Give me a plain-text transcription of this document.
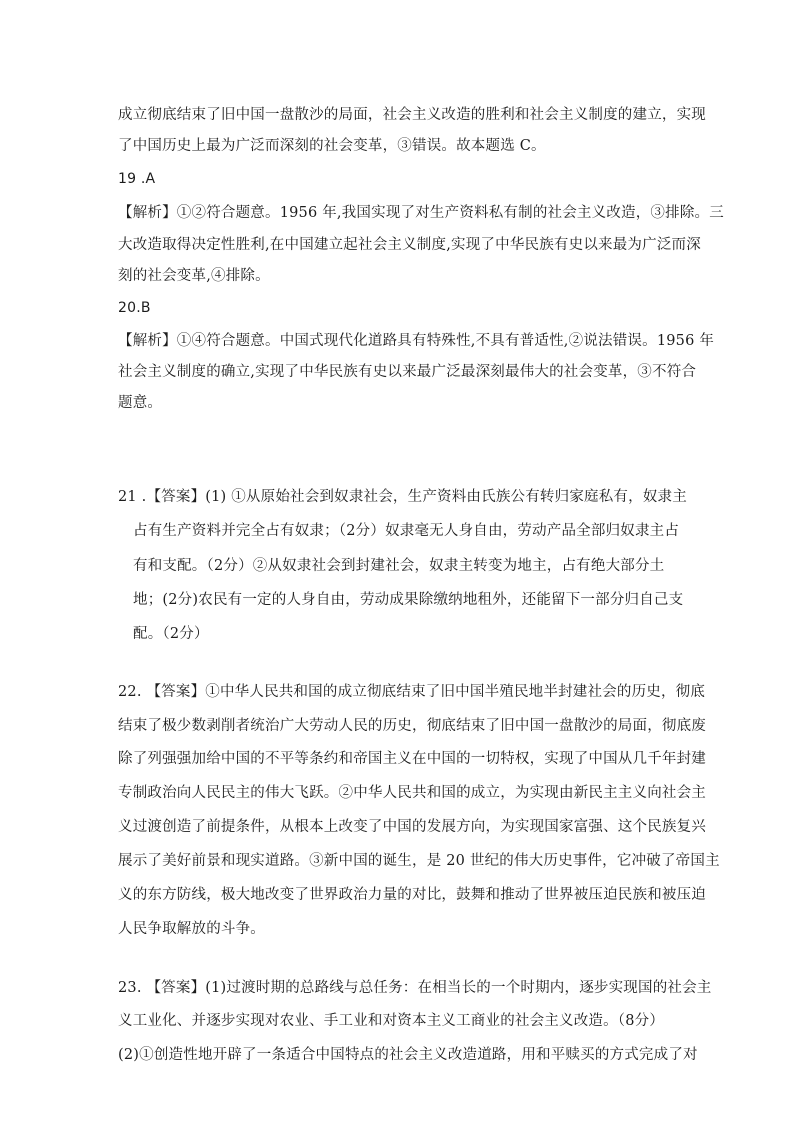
成立彻底结束了旧中国一盘散沙的局面，社会主义改造的胜利和社会主义制度的建立，实现
了中国历史上最为广泛而深刻的社会变革，③错误。故本题选 C。
19 .A
【解析】①②符合题意。1956 年,我国实现了对生产资料私有制的社会主义改造，③排除。三
大改造取得决定性胜利,在中国建立起社会主义制度,实现了中华民族有史以来最为广泛而深
刻的社会变革,④排除。
20.B
【解析】①④符合题意。中国式现代化道路具有特殊性,不具有普适性,②说法错误。1956 年
社会主义制度的确立,实现了中华民族有史以来最广泛最深刻最伟大的社会变革，③不符合
题意。
21 .【答案】(1) ①从原始社会到奴隶社会，生产资料由氏族公有转归家庭私有，奴隶主
占有生产资料并完全占有奴隶；（2分）奴隶毫无人身自由，劳动产品全部归奴隶主占
有和支配。（2分）②从奴隶社会到封建社会，奴隶主转变为地主，占有绝大部分土
地；(2分)农民有一定的人身自由，劳动成果除缴纳地租外，还能留下一部分归自己支
配。（2分）
22. 【答案】①中华人民共和国的成立彻底结束了旧中国半殖民地半封建社会的历史，彻底
结束了极少数剥削者统治广大劳动人民的历史，彻底结束了旧中国一盘散沙的局面，彻底废
除了列强强加给中国的不平等条约和帝国主义在中国的一切特权，实现了中国从几千年封建
专制政治向人民民主的伟大飞跃。②中华人民共和国的成立，为实现由新民主主义向社会主
义过渡创造了前提条件，从根本上改变了中国的发展方向，为实现国家富强、这个民族复兴
展示了美好前景和现实道路。③新中国的诞生，是 20 世纪的伟大历史事件，它冲破了帝国主
义的东方防线，极大地改变了世界政治力量的对比，鼓舞和推动了世界被压迫民族和被压迫
人民争取解放的斗争。
23. 【答案】(1)过渡时期的总路线与总任务：在相当长的一个时期内，逐步实现国的社会主
义工业化、并逐步实现对农业、手工业和对资本主义工商业的社会主义改造。（8分）
(2)①创造性地开辟了一条适合中国特点的社会主义改造道路，用和平赎买的方式完成了对
